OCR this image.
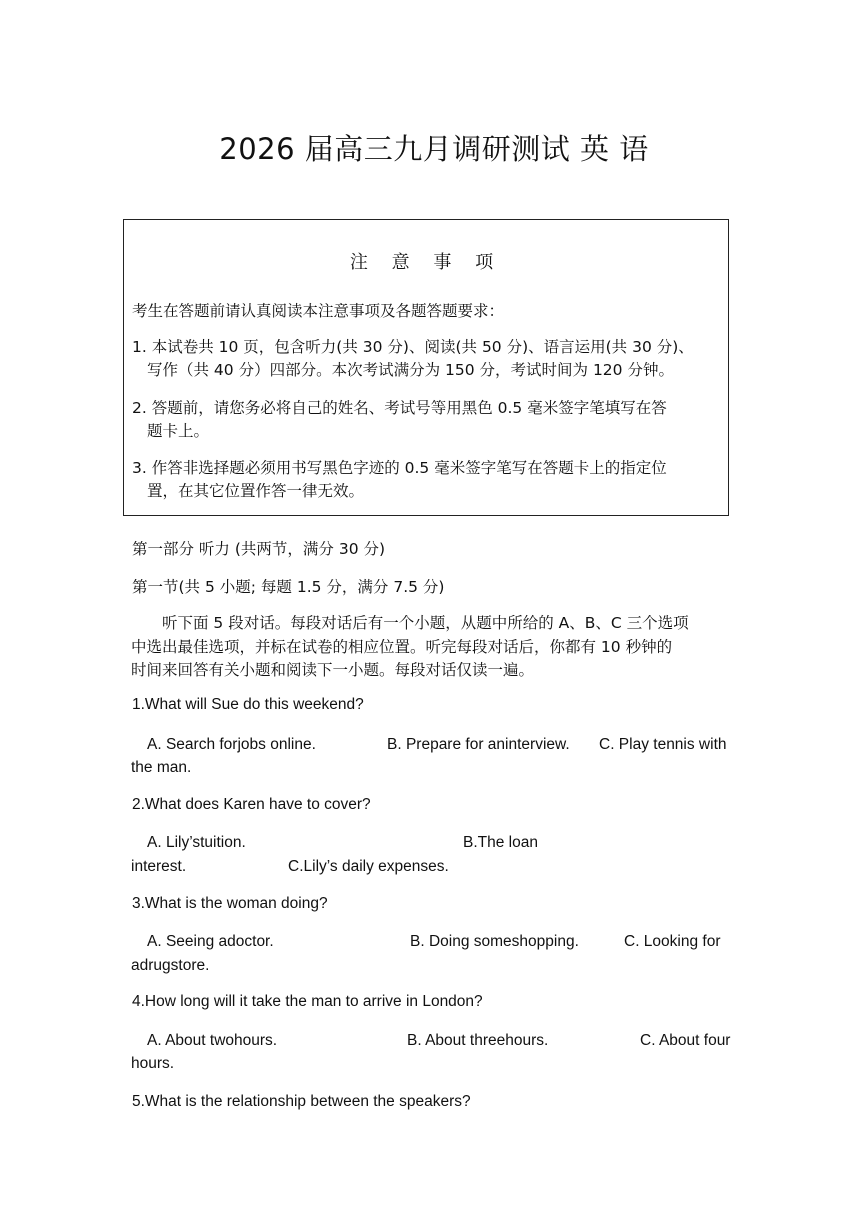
2026 届高三九月调研测试 英 语
注 意 事 项
考生在答题前请认真阅读本注意事项及各题答题要求：
1. 本试卷共 10 页，包含听力(共 30 分)、阅读(共 50 分)、语言运用(共 30 分)、
写作（共 40 分）四部分。本次考试满分为 150 分，考试时间为 120 分钟。
2. 答题前，请您务必将自己的姓名、考试号等用黑色 0.5 毫米签字笔填写在答
题卡上。
3. 作答非选择题必须用书写黑色字迹的 0.5 毫米签字笔写在答题卡上的指定位
置，在其它位置作答一律无效。
第一部分 听力 (共两节，满分 30 分)
第一节(共 5 小题; 每题 1.5 分，满分 7.5 分)
听下面 5 段对话。每段对话后有一个小题，从题中所给的 A、B、C 三个选项
中选出最佳选项，并标在试卷的相应位置。听完每段对话后，你都有 10 秒钟的
时间来回答有关小题和阅读下一小题。每段对话仅读一遍。
1.What will Sue do this weekend?
A. Search forjobs online.	B. Prepare for aninterview. C. Play tennis with
the man.
2.What does Karen have to cover?
A. Lily’stuition.	B.The loan
interest.	C.Lily’s daily expenses.
3.What is the woman doing?
A. Seeing adoctor.	B. Doing someshopping.	C. Looking for
adrugstore.
4.How long will it take the man to arrive in London?
A. About twohours.	B. About threehours.	C. About four
hours.
5.What is the relationship between the speakers?
